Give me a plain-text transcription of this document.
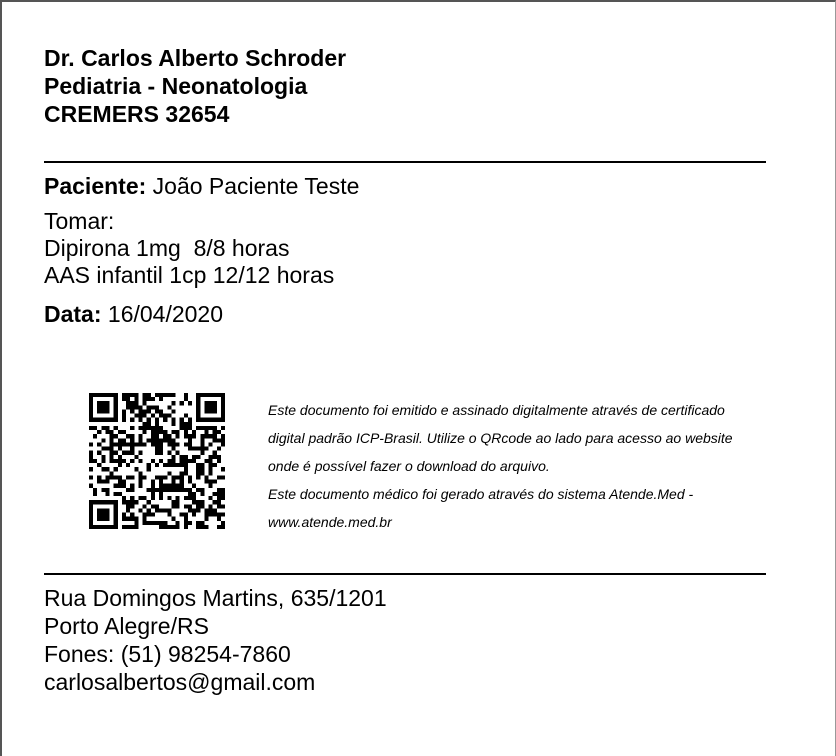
Dr. Carlos Alberto Schroder
Pediatria - Neonatologia
CREMERS 32654
Paciente: João Paciente Teste
Tomar:
Dipirona 1mg  8/8 horas
AAS infantil 1cp 12/12 horas
Data: 16/04/2020
Este documento foi emitido e assinado digitalmente através de certificado
digital padrão ICP-Brasil. Utilize o QRcode ao lado para acesso ao website
onde é possível fazer o download do arquivo.
Este documento médico foi gerado através do sistema Atende.Med -
www.atende.med.br
Rua Domingos Martins, 635/1201
Porto Alegre/RS
Fones: (51) 98254-7860
carlosalbertos@gmail.com
